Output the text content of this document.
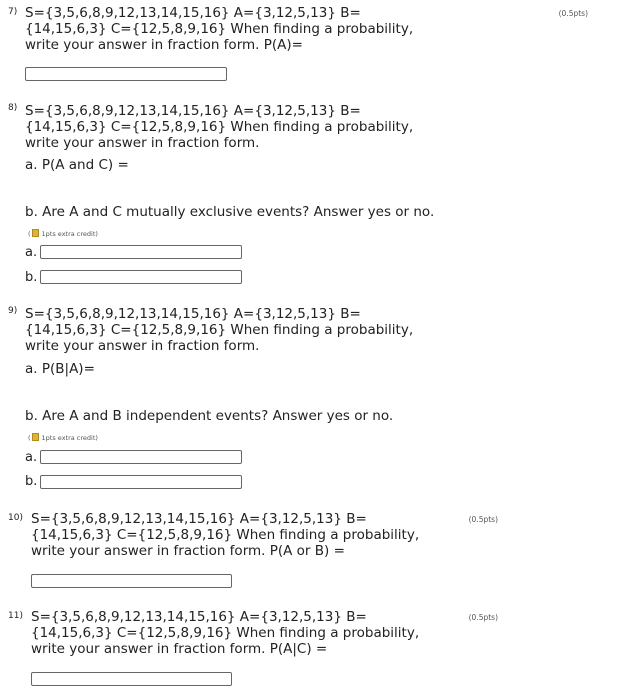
7)	(0.5pts)
S={3,5,6,8,9,12,13,14,15,16} A={3,12,5,13} B=
{14,15,6,3} C={12,5,8,9,16} When finding a probability,
write your answer in fraction form. P(A)=
8) S={3,5,6,8,9,12,13,14,15,16} A={3,12,5,13} B=
{14,15,6,3} C={12,5,8,9,16} When finding a probability,
write your answer in fraction form.
a. P(A and C) =
b. Are A and C mutually exclusive events? Answer yes or no.
( 1pts extra credit)
a.
b.
9) S={3,5,6,8,9,12,13,14,15,16} A={3,12,5,13} B=
{14,15,6,3} C={12,5,8,9,16} When finding a probability,
write your answer in fraction form.
a. P(B|A)=
b. Are A and B independent events? Answer yes or no.
( 1pts extra credit)
a.
b.
10)	(0.5pts)
S={3,5,6,8,9,12,13,14,15,16} A={3,12,5,13} B=
{14,15,6,3} C={12,5,8,9,16} When finding a probability,
write your answer in fraction form. P(A or B) =
11)	(0.5pts)
S={3,5,6,8,9,12,13,14,15,16} A={3,12,5,13} B=
{14,15,6,3} C={12,5,8,9,16} When finding a probability,
write your answer in fraction form. P(A|C) =
